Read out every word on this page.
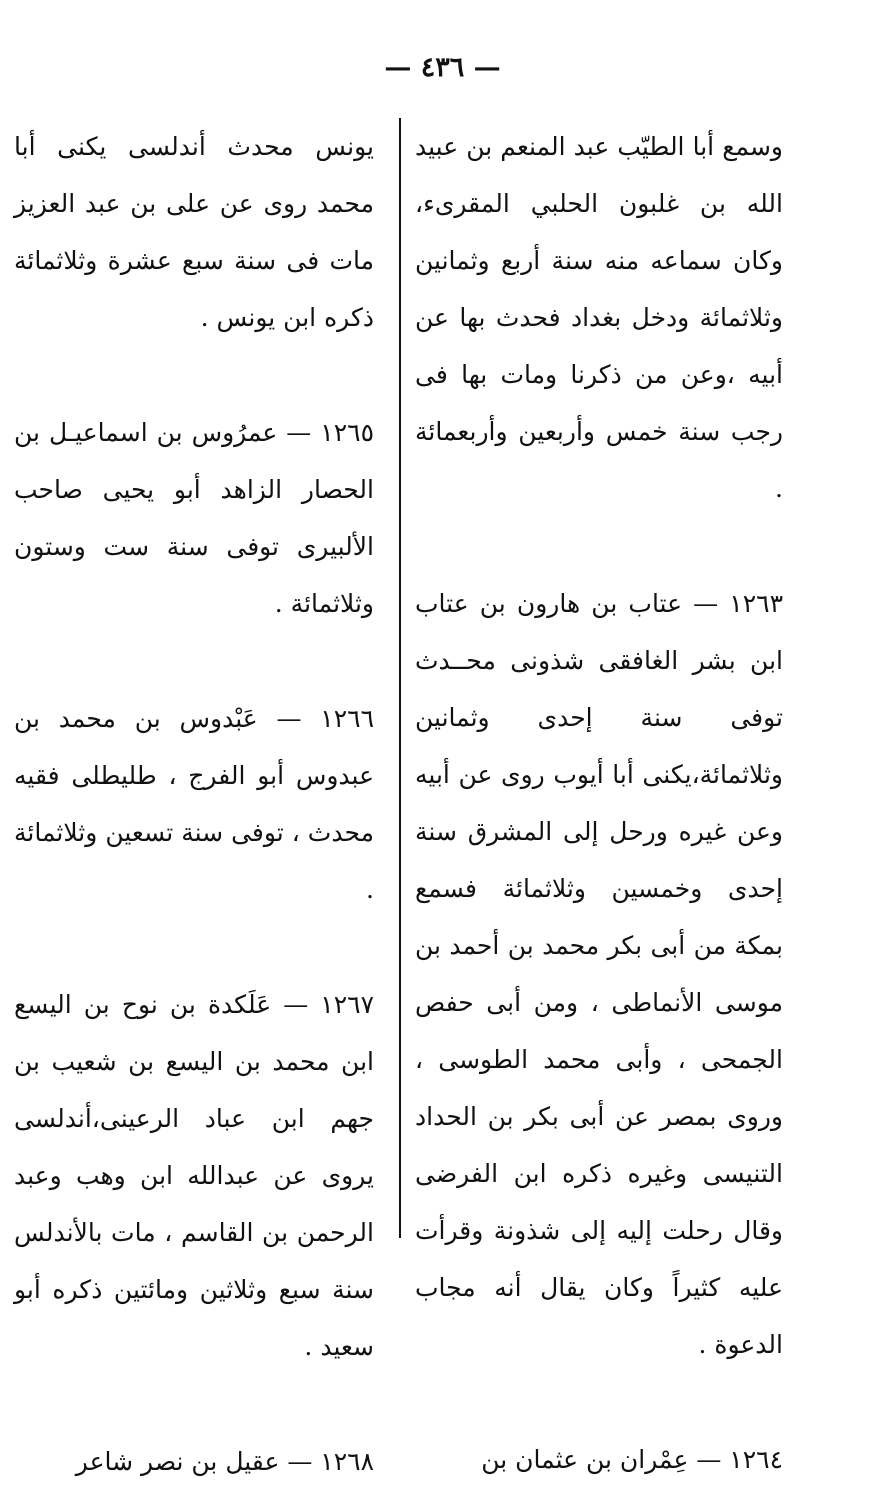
— ٤٣٦ —

وسمع أبا الطيّب عبد المنعم بن عبيد الله بن غلبون الحلبي المقرىء، وكان سماعه منه سنة أربع وثمانين وثلاثمائة ودخل بغداد فحدث بها عن أبيه ،وعن من ذكرنا ومات بها فى رجب سنة خمس وأربعين وأربعمائة .

١٢٦٣ — عتاب بن هارون بن عتاب ابن بشر الغافقى شذونى محــدث توفى سنة إحدى وثمانين وثلاثمائة،يكنى أبا أيوب روى عن أبيه وعن غيره ورحل إلى المشرق سنة إحدى وخمسين وثلاثمائة فسمع بمكة من أبى بكر محمد بن أحمد بن موسى الأنماطى ، ومن أبى حفص الجمحى ، وأبى محمد الطوسى ، وروى بمصر عن أبى بكر بن الحداد التنيسى وغيره ذكره ابن الفرضى وقال رحلت إليه إلى شذونة وقرأت عليه كثيراً وكان يقال أنه مجاب الدعوة .

١٢٦٤ — عِمْران بن عثمان بن

يونس محدث أندلسى يكنى أبا محمد روى عن على بن عبد العزيز مات فى سنة سبع عشرة وثلاثمائة ذكره ابن يونس .

١٢٦٥ — عمرُوس بن اسماعيـل بن الحصار الزاهد أبو يحيى صاحب الألبيرى توفى سنة ست وستون وثلاثمائة .

١٢٦٦ — عَبْدوس بن محمد بن عبدوس أبو الفرج ، طليطلى فقيه محدث ، توفى سنة تسعين وثلاثمائة .

١٢٦٧ — عَلَكدة بن نوح بن اليسع ابن محمد بن اليسع بن شعيب بن جهم ابن عباد الرعينى،أندلسى يروى عن عبدالله ابن وهب وعبد الرحمن بن القاسم ، مات بالأندلس سنة سبع وثلاثين ومائتين ذكره أبو سعيد .

١٢٦٨ — عقيل بن نصر شاعر
